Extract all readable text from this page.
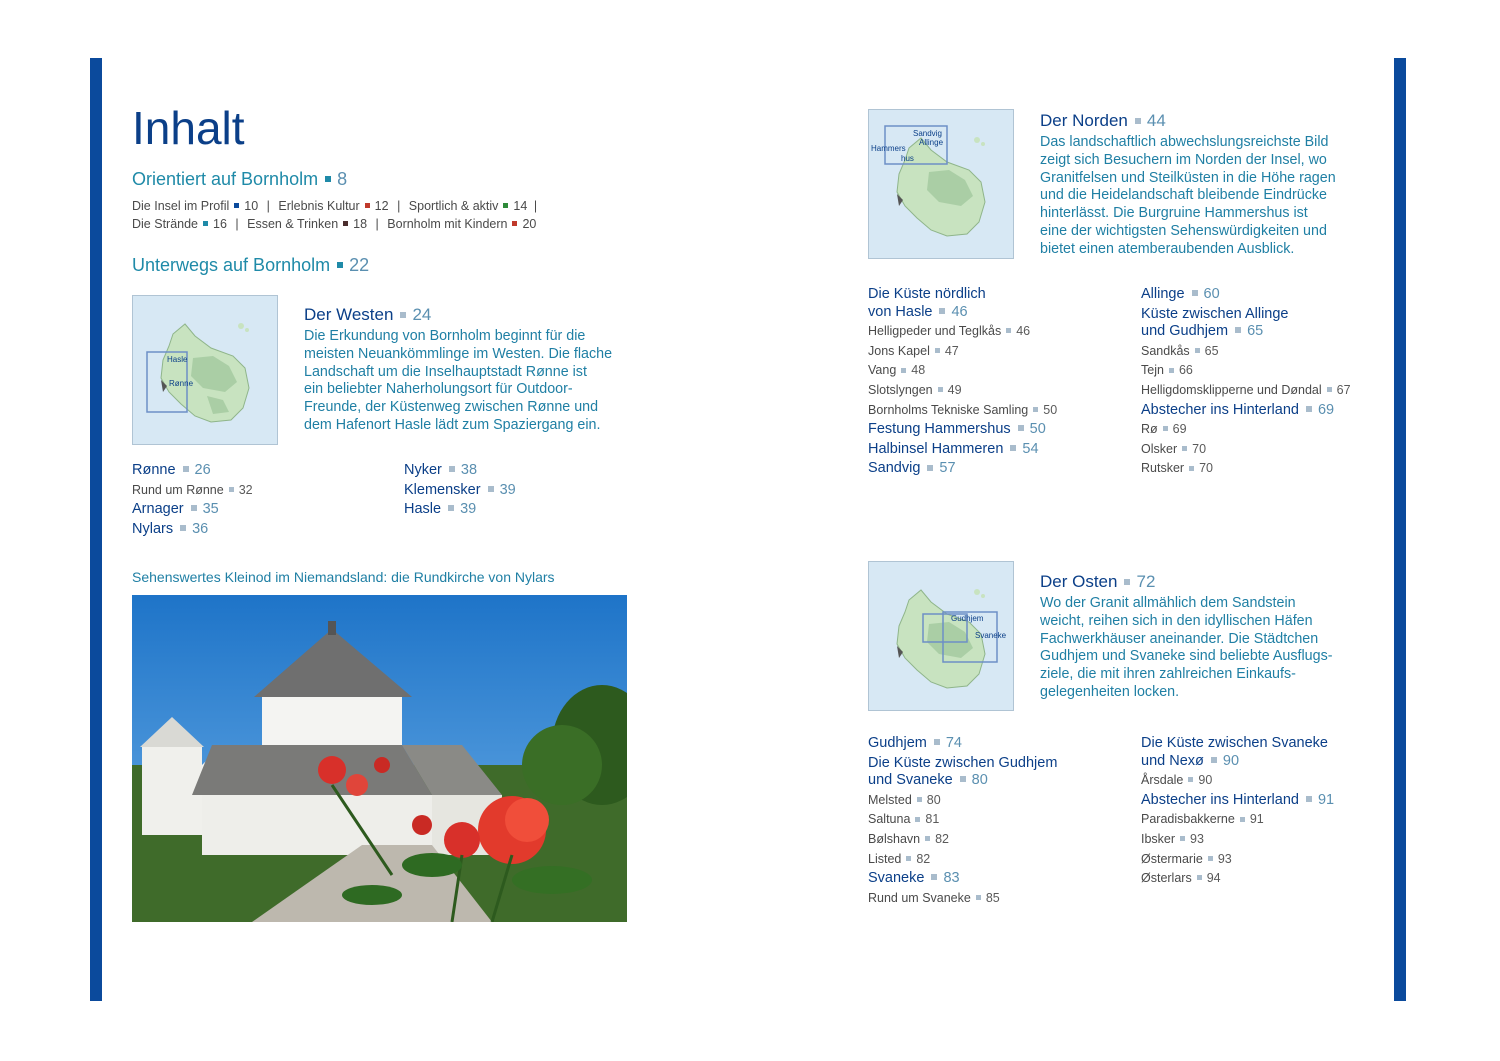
Inhalt
Orientiert auf Bornholm 8
Die Insel im Profil 10 | Erlebnis Kultur 12 | Sportlich & aktiv 14 |
Die Strände 16 | Essen & Trinken 18 | Bornholm mit Kindern 20
Unterwegs auf Bornholm 22
Hasle
Rønne
Der Westen 24
Die Erkundung von Bornholm beginnt für die
meisten Neuankömmlinge im Westen. Die flache
Landschaft um die Inselhauptstadt Rønne ist
ein beliebter Naherholungsort für Outdoor-
Freunde, der Küstenweg zwischen Rønne und
dem Hafenort Hasle lädt zum Spaziergang ein.
Rønne 26
Rund um Rønne 32
Arnager 35
Nylars 36
Nyker 38
Klemensker 39
Hasle 39
Sehenswertes Kleinod im Niemandsland: die Rundkirche von Nylars
Sandvig
Allinge
Hammers
hus
Der Norden 44
Das landschaftlich abwechslungsreichste Bild
zeigt sich Besuchern im Norden der Insel, wo
Granitfelsen und Steilküsten in die Höhe ragen
und die Heidelandschaft bleibende Eindrücke
hinterlässt. Die Burgruine Hammershus ist
eine der wichtigsten Sehenswürdigkeiten und
bietet einen atemberaubenden Ausblick.
Die Küste nördlich
von Hasle 46
Helligpeder und Teglkås 46
Jons Kapel 47
Vang 48
Slotslyngen 49
Bornholms Tekniske Samling 50
Festung Hammershus 50
Halbinsel Hammeren 54
Sandvig 57
Allinge 60
Küste zwischen Allinge
und Gudhjem 65
Sandkås 65
Tejn 66
Helligdomsklipperne und Døndal 67
Abstecher ins Hinterland 69
Rø 69
Olsker 70
Rutsker 70
Gudhjem
Svaneke
Der Osten 72
Wo der Granit allmählich dem Sandstein
weicht, reihen sich in den idyllischen Häfen
Fachwerkhäuser aneinander. Die Städtchen
Gudhjem und Svaneke sind beliebte Ausflugs-
ziele, die mit ihren zahlreichen Einkaufs-
gelegenheiten locken.
Gudhjem 74
Die Küste zwischen Gudhjem
und Svaneke 80
Melsted 80
Saltuna 81
Bølshavn 82
Listed 82
Svaneke 83
Rund um Svaneke 85
Die Küste zwischen Svaneke
und Nexø 90
Årsdale 90
Abstecher ins Hinterland 91
Paradisbakkerne 91
Ibsker 93
Østermarie 93
Østerlars 94
